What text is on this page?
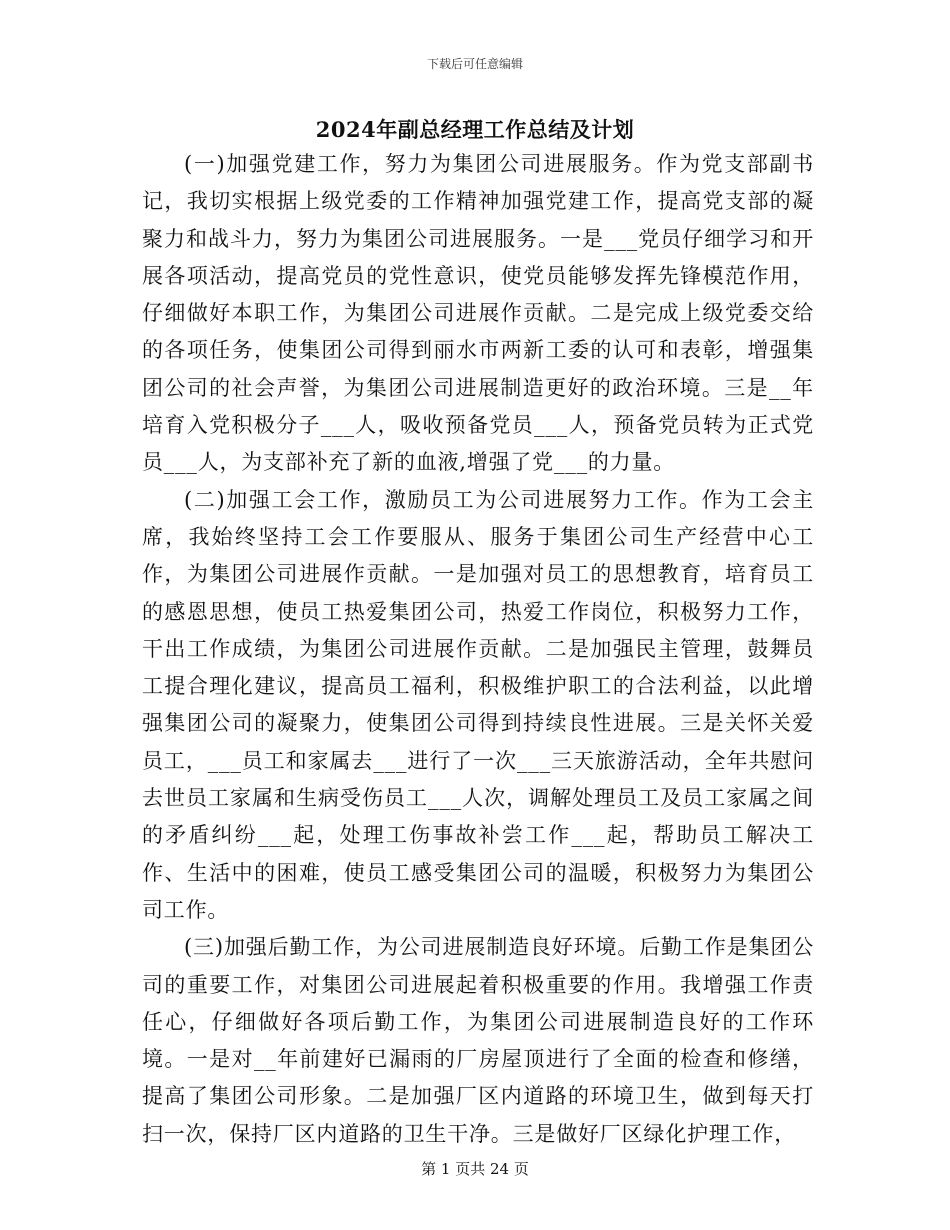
下载后可任意编辑
2024年副总经理工作总结及计划

(一)加强党建工作，努力为集团公司进展服务。作为党支部副书记，我切实根据上级党委的工作精神加强党建工作，提高党支部的凝聚力和战斗力，努力为集团公司进展服务。一是___党员仔细学习和开展各项活动，提高党员的党性意识，使党员能够发挥先锋模范作用，仔细做好本职工作，为集团公司进展作贡献。二是完成上级党委交给的各项任务，使集团公司得到丽水市两新工委的认可和表彰，增强集团公司的社会声誉，为集团公司进展制造更好的政治环境。三是__年培育入党积极分子___人，吸收预备党员___人，预备党员转为正式党员___人，为支部补充了新的血液,增强了党___的力量。

(二)加强工会工作，激励员工为公司进展努力工作。作为工会主席，我始终坚持工会工作要服从、服务于集团公司生产经营中心工作，为集团公司进展作贡献。一是加强对员工的思想教育，培育员工的感恩思想，使员工热爱集团公司，热爱工作岗位，积极努力工作，干出工作成绩，为集团公司进展作贡献。二是加强民主管理，鼓舞员工提合理化建议，提高员工福利，积极维护职工的合法利益，以此增强集团公司的凝聚力，使集团公司得到持续良性进展。三是关怀关爱员工，___员工和家属去___进行了一次___三天旅游活动，全年共慰问去世员工家属和生病受伤员工___人次，调解处理员工及员工家属之间的矛盾纠纷___起，处理工伤事故补尝工作___起，帮助员工解决工作、生活中的困难，使员工感受集团公司的温暖，积极努力为集团公司工作。

(三)加强后勤工作，为公司进展制造良好环境。后勤工作是集团公司的重要工作，对集团公司进展起着积极重要的作用。我增强工作责任心，仔细做好各项后勤工作，为集团公司进展制造良好的工作环境。一是对__年前建好已漏雨的厂房屋顶进行了全面的检查和修缮，提高了集团公司形象。二是加强厂区内道路的环境卫生，做到每天打扫一次，保持厂区内道路的卫生干净。三是做好厂区绿化护理工作，

第 1 页共 24 页
